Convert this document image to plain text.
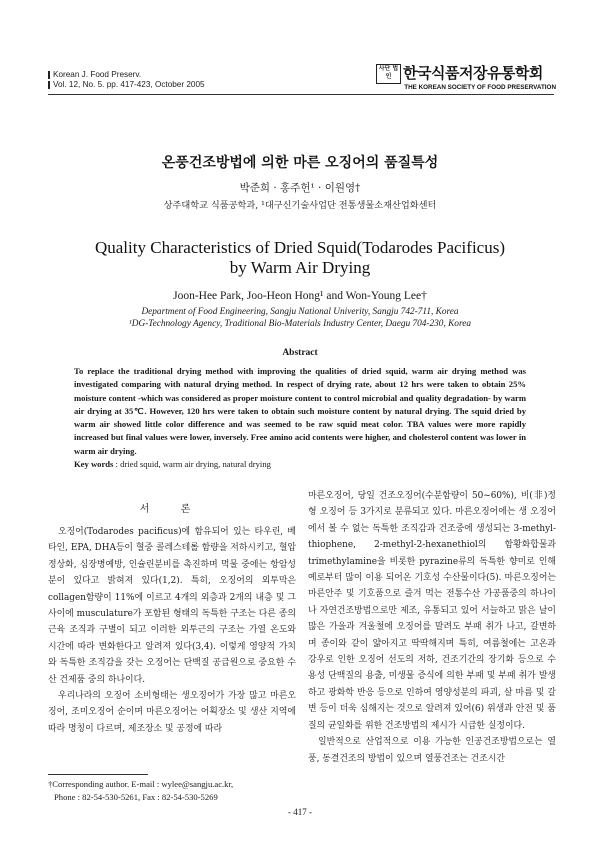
Korean J. Food Preserv.
Vol. 12, No. 5. pp. 417-423, October 2005
사단 법인 한국식품저장유통학회
THE KOREAN SOCIETY OF FOOD PRESERVATION
온풍건조방법에 의한 마른 오징어의 품질특성
박준희 · 홍주헌¹ · 이원영†
상주대학교 식품공학과, ¹대구신기술사업단 전통생물소재산업화센터
Quality Characteristics of Dried Squid(Todarodes Pacificus)
by Warm Air Drying
Joon-Hee Park, Joo-Heon Hong¹ and Won-Young Lee†
Department of Food Engineering, Sangju National Univerity, Sangju 742-711, Korea
¹DG-Technology Agency, Traditional Bio-Materials Industry Center, Daegu 704-230, Korea
Abstract
To replace the traditional drying method with improving the qualities of dried squid, warm air drying method was investigated comparing with natural drying method. In respect of drying rate, about 12 hrs were taken to obtain 25% moisture content -which was considered as proper moisture content to control microbial and quality degradation- by warm air drying at 35℃. However, 120 hrs were taken to obtain such moisture content by natural drying. The squid dried by warm air showed little color difference and was seemed to be raw squid meat color. TBA values were more rapidly increased but final values were lower, inversely. Free amino acid contents were higher, and cholesterol content was lower in warm air drying.
Key words : dried squid, warm air drying, natural drying
서 론

오징어(Todarodes pacificus)에 함유되어 있는 타우린, 베타인, EPA, DHA등이 혈중 콜레스테롤 함량을 저하시키고, 혈압정상화, 심장병예방, 인슐린분비를 촉진하며 먹물 중에는 항암성분이 있다고 밝혀져 있다(1,2). 특히, 오징어의 외투막은 collagen함량이 11%에 이르고 4개의 외층과 2개의 내층 및 그 사이에 musculature가 포함된 형태의 독특한 구조는 다른 종의 근육 조직과 구별이 되고 이러한 외투근의 구조는 가열 온도와 시간에 따라 변화한다고 알려져 있다(3,4). 이렇게 영양적 가치와 독특한 조직감을 갖는 오징어는 단백질 공급원으로 중요한 수산 건제품 중의 하나이다.

우리나라의 오징어 소비형태는 생오징어가 가장 많고 마른오징어, 조미오징어 순이며 마른오징어는 어획장소 및 생산 지역에 따라 명칭이 다르며, 제조장소 및 공정에 따라

마른오징어, 당일 건조오징어(수분함량이 50~60%), 비(非)정형 오징어 등 3가지로 분류되고 있다. 마른오징어에는 생 오징어에서 볼 수 없는 독특한 조직감과 건조중에 생성되는 3-methyl-thiophene, 2-methyl-2-hexanethiol의 함황화합물과 trimethylamine을 비롯한 pyrazine류의 독특한 향미로 인해 예로부터 많이 이용 되어온 기호성 수산물이다(5). 마른오징어는 마른안주 및 기호품으로 즐겨 먹는 전통수산 가공품중의 하나이나 자연건조방법으로만 제조, 유통되고 있어 서늘하고 맑은 날이 많은 가을과 겨울철에 오징어를 말려도 부패 취가 나고, 갈변하며 종이와 같이 얇아지고 딱딱해지며 특히, 여름철에는 고온과 강우로 인한 오징어 선도의 저하, 건조기간의 장기화 등으로 수용성 단백질의 용출, 미생물 증식에 의한 부패 및 부패 취가 발생하고 광화학 반응 등으로 인하여 영양성분의 파괴, 살 마름 및 갈변 등이 더욱 심해지는 것으로 알려져 있어(6) 위생과 안전 및 품질의 균일화를 위한 건조방법의 제시가 시급한 실정이다.

일반적으로 산업적으로 이용 가능한 인공건조방법으로는 열풍, 동결건조의 방법이 있으며 열풍건조는 건조시간

†Corresponding author. E-mail : wylee@sangju.ac.kr,
Phone : 82-54-530-5261, Fax : 82-54-530-5269
- 417 -
